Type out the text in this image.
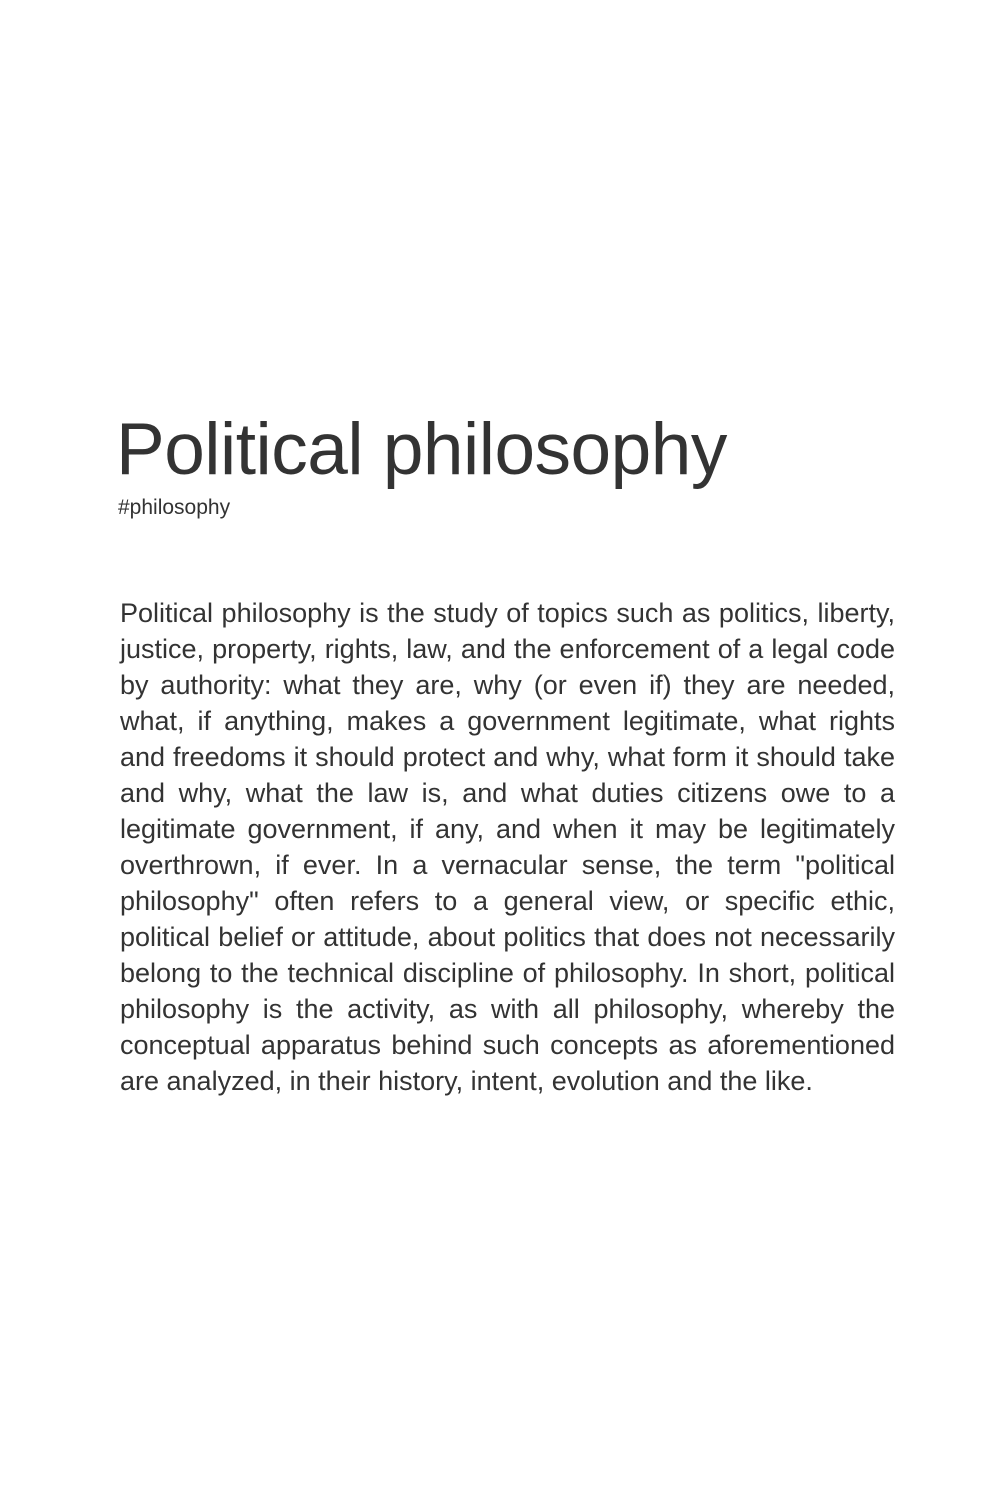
Political philosophy

#philosophy

Political philosophy is the study of topics such as politics, liberty, justice, property, rights, law, and the enforcement of a legal code by authority: what they are, why (or even if) they are needed, what, if anything, makes a government legitimate, what rights and freedoms it should protect and why, what form it should take and why, what the law is, and what duties citizens owe to a legitimate government, if any, and when it may be legitimately overthrown, if ever. In a vernacular sense, the term "political philosophy" often refers to a general view, or specific ethic, political belief or attitude, about politics that does not necessarily belong to the technical discipline of philosophy. In short, political philosophy is the activity, as with all philosophy, whereby the conceptual apparatus behind such concepts as aforementioned are analyzed, in their history, intent, evolution and the like.
